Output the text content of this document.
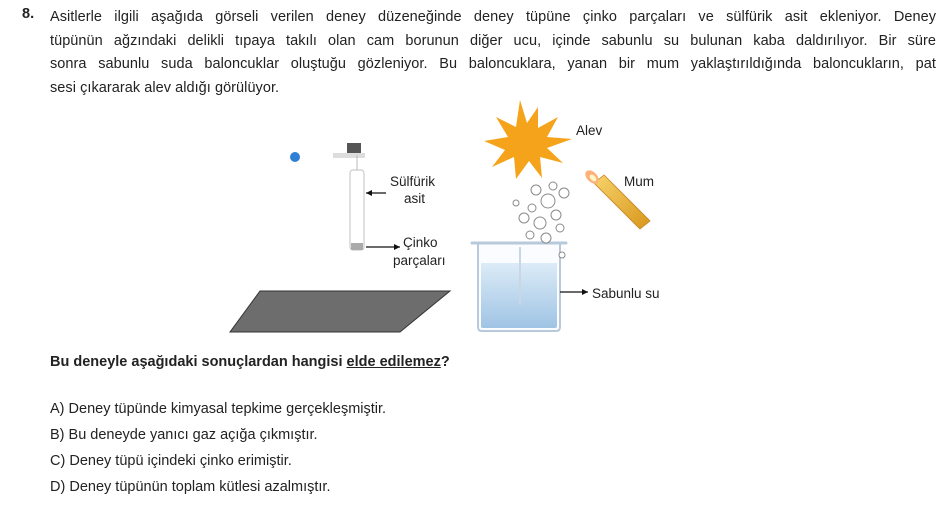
8. Asitlerle ilgili aşağıda görseli verilen deney düzeneğinde deney tüpüne çinko parçaları ve sülfürik asit ekleniyor. Deney
tüpünün ağzındaki delikli tıpaya takılı olan cam borunun diğer ucu, içinde sabunlu su bulunan kaba daldırılıyor. Bir süre
sonra sabunlu suda baloncuklar oluştuğu gözleniyor. Bu baloncuklara, yanan bir mum yaklaştırıldığında baloncukların, pat
sesi çıkararak alev aldığı görülüyor.
Sülfürik
asit
Çinko
parçaları
Alev
Mum
Sabunlu su
Bu deneyle aşağıdaki sonuçlardan hangisi elde edilemez?
A) Deney tüpünde kimyasal tepkime gerçekleşmiştir.
B) Bu deneyde yanıcı gaz açığa çıkmıştır.
C) Deney tüpü içindeki çinko erimiştir.
D) Deney tüpünün toplam kütlesi azalmıştır.
